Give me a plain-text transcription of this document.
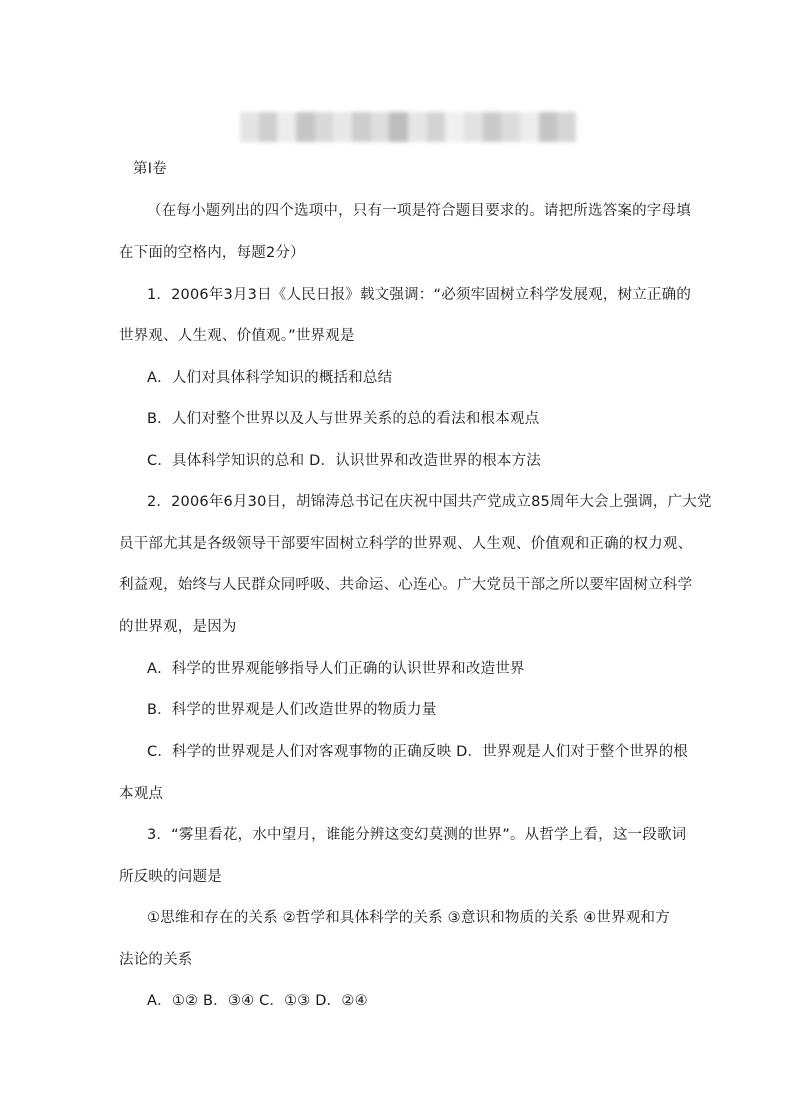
第Ⅰ卷
（在每小题列出的四个选项中，只有一项是符合题目要求的。请把所选答案的字母填
在下面的空格内，每题2分）
1．2006年3月3日《人民日报》载文强调：“必须牢固树立科学发展观，树立正确的
世界观、人生观、价值观。”世界观是
A．人们对具体科学知识的概括和总结
B．人们对整个世界以及人与世界关系的总的看法和根本观点
C．具体科学知识的总和 D．认识世界和改造世界的根本方法
2．2006年6月30日，胡锦涛总书记在庆祝中国共产党成立85周年大会上强调，广大党
员干部尤其是各级领导干部要牢固树立科学的世界观、人生观、价值观和正确的权力观、
利益观，始终与人民群众同呼吸、共命运、心连心。广大党员干部之所以要牢固树立科学
的世界观，是因为
A．科学的世界观能够指导人们正确的认识世界和改造世界
B．科学的世界观是人们改造世界的物质力量
C．科学的世界观是人们对客观事物的正确反映 D．世界观是人们对于整个世界的根
本观点
3．“雾里看花，水中望月，谁能分辨这变幻莫测的世界”。从哲学上看，这一段歌词
所反映的问题是
①思维和存在的关系 ②哲学和具体科学的关系 ③意识和物质的关系 ④世界观和方
法论的关系
A．①② B．③④ C．①③ D．②④
